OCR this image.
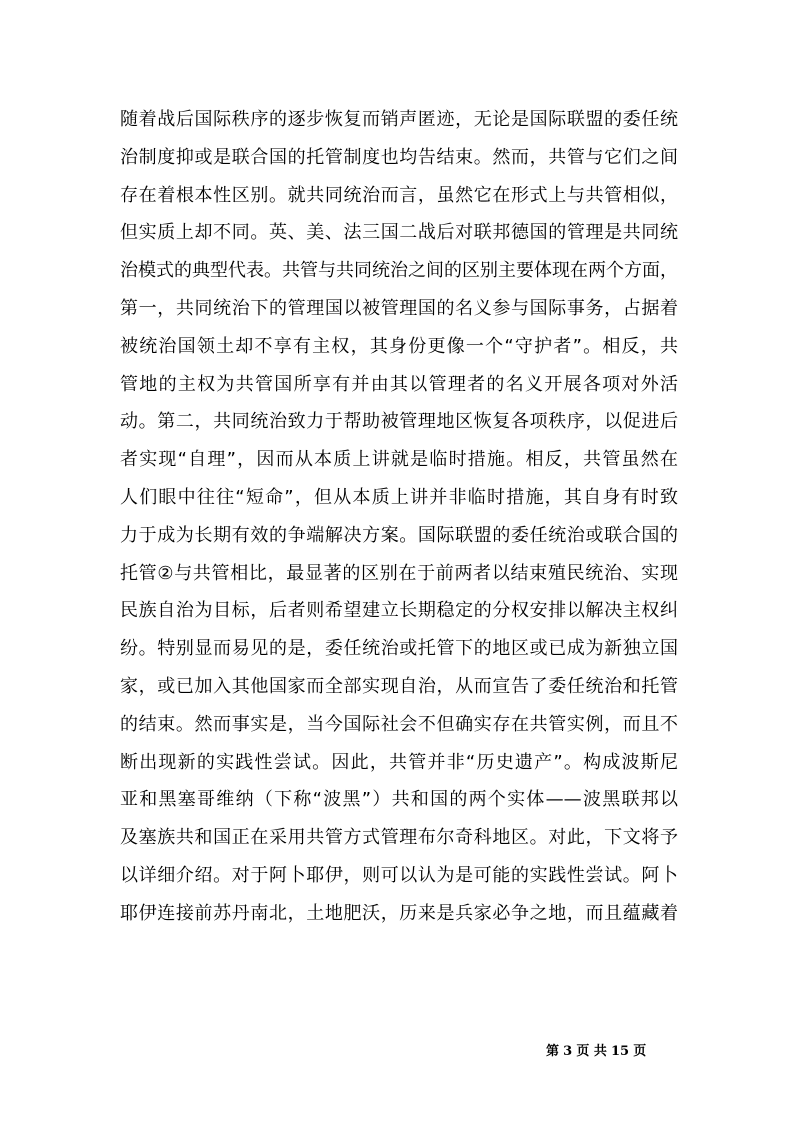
随着战后国际秩序的逐步恢复而销声匿迹，无论是国际联盟的委任统
治制度抑或是联合国的托管制度也均告结束。然而，共管与它们之间
存在着根本性区别。就共同统治而言，虽然它在形式上与共管相似，
但实质上却不同。英、美、法三国二战后对联邦德国的管理是共同统
治模式的典型代表。共管与共同统治之间的区别主要体现在两个方面，
第一，共同统治下的管理国以被管理国的名义参与国际事务，占据着
被统治国领土却不享有主权，其身份更像一个“守护者”。相反，共
管地的主权为共管国所享有并由其以管理者的名义开展各项对外活
动。第二，共同统治致力于帮助被管理地区恢复各项秩序，以促进后
者实现“自理”，因而从本质上讲就是临时措施。相反，共管虽然在
人们眼中往往“短命”，但从本质上讲并非临时措施，其自身有时致
力于成为长期有效的争端解决方案。国际联盟的委任统治或联合国的
托管②与共管相比，最显著的区别在于前两者以结束殖民统治、实现
民族自治为目标，后者则希望建立长期稳定的分权安排以解决主权纠
纷。特别显而易见的是，委任统治或托管下的地区或已成为新独立国
家，或已加入其他国家而全部实现自治，从而宣告了委任统治和托管
的结束。然而事实是，当今国际社会不但确实存在共管实例，而且不
断出现新的实践性尝试。因此，共管并非“历史遗产”。构成波斯尼
亚和黑塞哥维纳（下称“波黑”）共和国的两个实体——波黑联邦以
及塞族共和国正在采用共管方式管理布尔奇科地区。对此，下文将予
以详细介绍。对于阿卜耶伊，则可以认为是可能的实践性尝试。阿卜
耶伊连接前苏丹南北，土地肥沃，历来是兵家必争之地，而且蕴藏着
第 3 页 共 15 页
